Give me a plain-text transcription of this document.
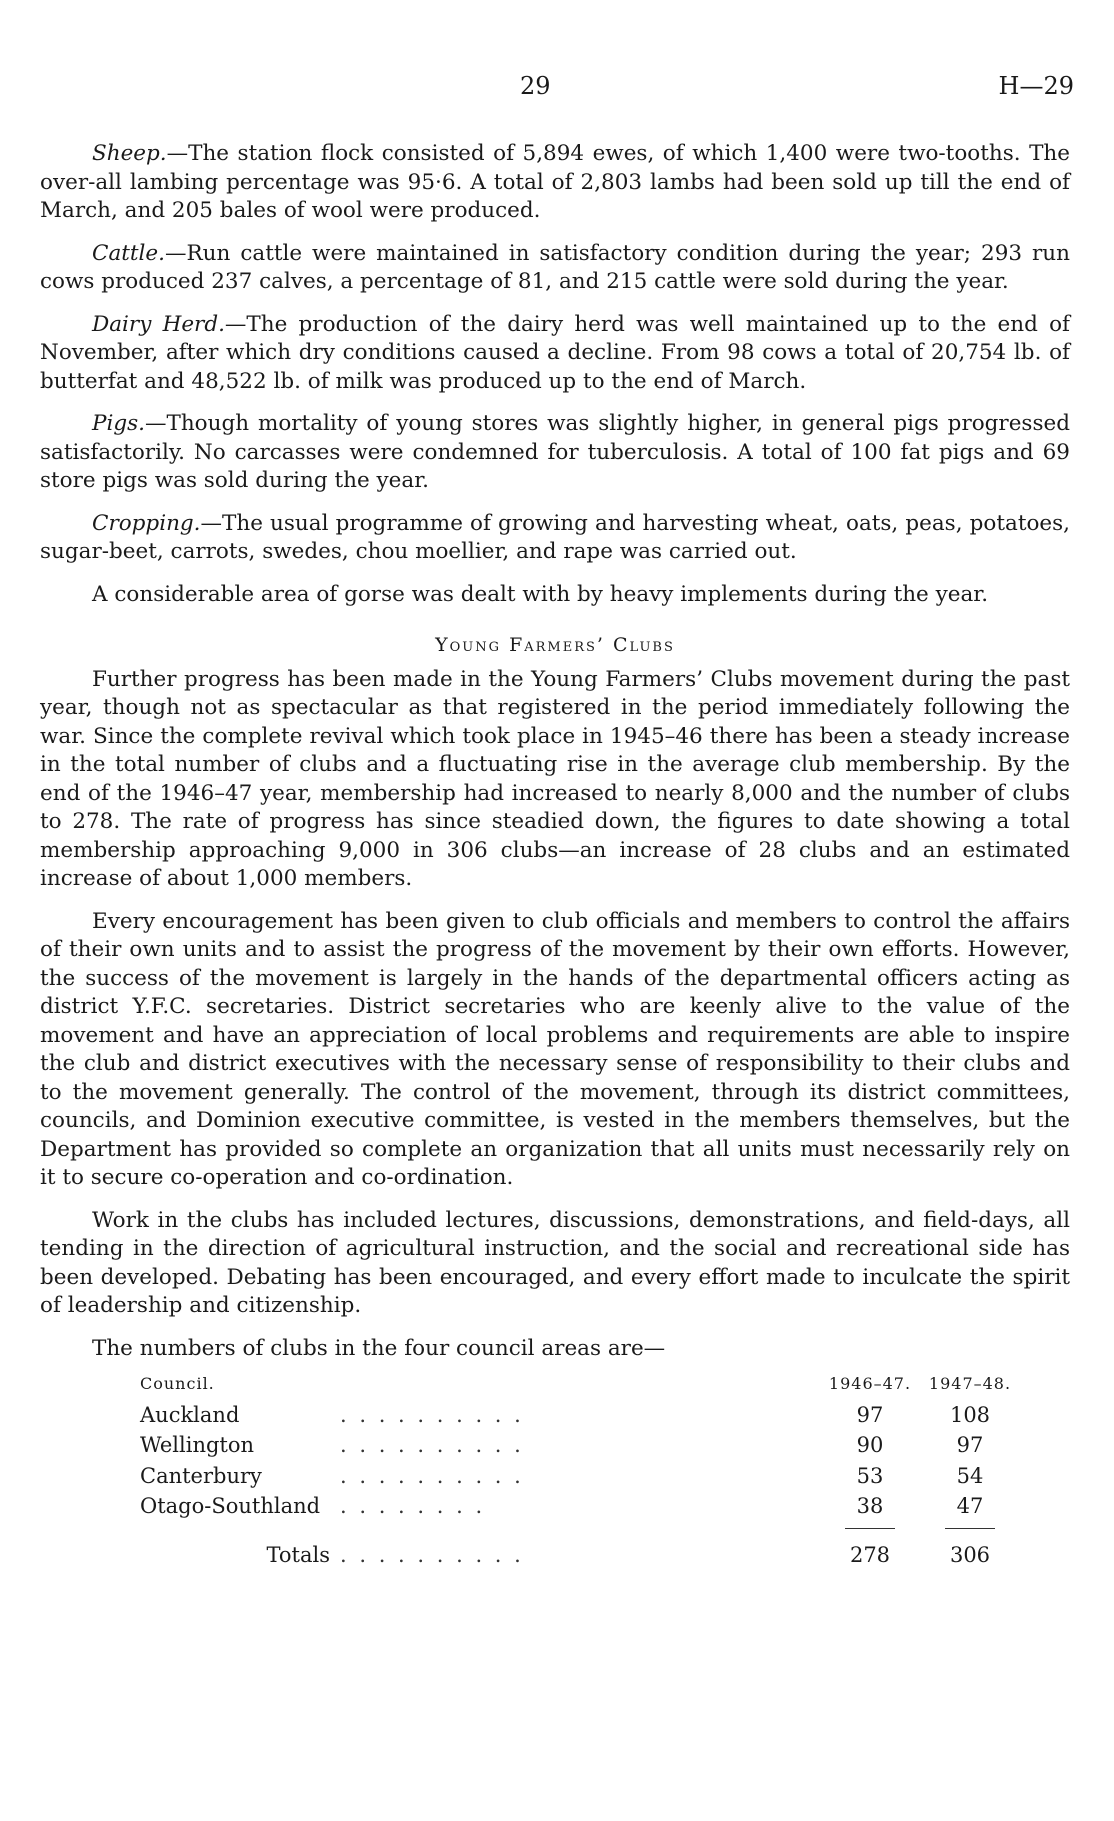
29	H—29

Sheep.—The station flock consisted of 5,894 ewes, of which 1,400 were two-tooths. The over-all lambing percentage was 95·6. A total of 2,803 lambs had been sold up till the end of March, and 205 bales of wool were produced.

Cattle.—Run cattle were maintained in satisfactory condition during the year; 293 run cows produced 237 calves, a percentage of 81, and 215 cattle were sold during the year.

Dairy Herd.—The production of the dairy herd was well maintained up to the end of November, after which dry conditions caused a decline. From 98 cows a total of 20,754 lb. of butterfat and 48,522 lb. of milk was produced up to the end of March.

Pigs.—Though mortality of young stores was slightly higher, in general pigs progressed satisfactorily. No carcasses were condemned for tuberculosis. A total of 100 fat pigs and 69 store pigs was sold during the year.

Cropping.—The usual programme of growing and harvesting wheat, oats, peas, potatoes, sugar-beet, carrots, swedes, chou moellier, and rape was carried out.

A considerable area of gorse was dealt with by heavy implements during the year.

Young Farmers’ Clubs

Further progress has been made in the Young Farmers’ Clubs movement during the past year, though not as spectacular as that registered in the period immediately following the war. Since the complete revival which took place in 1945–46 there has been a steady increase in the total number of clubs and a fluctuating rise in the average club membership. By the end of the 1946–47 year, membership had increased to nearly 8,000 and the number of clubs to 278. The rate of progress has since steadied down, the figures to date showing a total membership approaching 9,000 in 306 clubs—an increase of 28 clubs and an estimated increase of about 1,000 members.

Every encouragement has been given to club officials and members to control the affairs of their own units and to assist the progress of the movement by their own efforts. However, the success of the movement is largely in the hands of the departmental officers acting as district Y.F.C. secretaries. District secretaries who are keenly alive to the value of the movement and have an appreciation of local problems and requirements are able to inspire the club and district executives with the necessary sense of responsibility to their clubs and to the movement generally. The control of the movement, through its district committees, councils, and Dominion executive committee, is vested in the members themselves, but the Department has provided so complete an organization that all units must necessarily rely on it to secure co-operation and co-ordination.

Work in the clubs has included lectures, discussions, demonstrations, and field-days, all tending in the direction of agricultural instruction, and the social and recreational side has been developed. Debating has been encouraged, and every effort made to inculcate the spirit of leadership and citizenship.

The numbers of clubs in the four council areas are—
Council.		1946–47.	1947–48.
Auckland	. . . . . . . . . .	97	108
Wellington	. . . . . . . . . .	90	97
Canterbury	. . . . . . . . . .	53	54
Otago-Southland	. . . . . . . .	38	47

Totals	. . . . . . . . . .	278	306
